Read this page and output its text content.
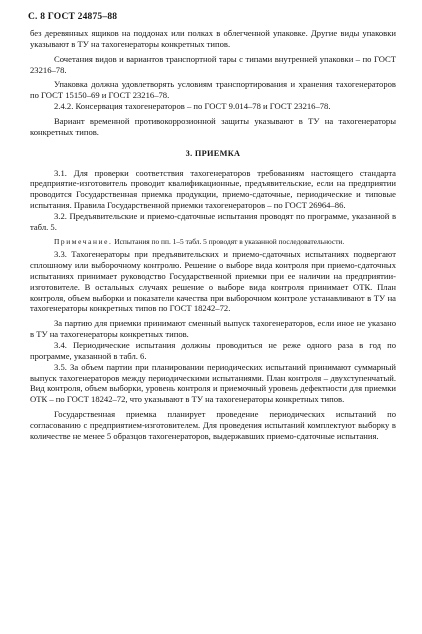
С. 8 ГОСТ 24875–88

без деревянных ящиков на поддонах или полках в облегченной упаковке. Другие виды упаковки указывают в ТУ на тахогенераторы конкретных типов.

Сочетания видов и вариантов транспортной тары с типами внутренней упаковки – по ГОСТ 23216–78.

Упаковка должна удовлетворять условиям транспортирования и хранения тахогенераторов по ГОСТ 15150–69 и ГОСТ 23216–78.

2.4.2. Консервация тахогенераторов – по ГОСТ 9.014–78 и ГОСТ 23216–78.

Вариант временной противокоррозионной защиты указывают в ТУ на тахогенераторы конкретных типов.

3. ПРИЕМКА

3.1. Для проверки соответствия тахогенераторов требованиям настоящего стандарта предприятие-изготовитель проводит квалификационные, предъявительские, если на предприятии проводится Государственная приемка продукции, приемо-сдаточные, периодические и типовые испытания. Правила Государственной приемки тахогенераторов – по ГОСТ 26964–86.

3.2. Предъявительские и приемо-сдаточные испытания проводят по программе, указанной в табл. 5.

Примечание. Испытания по пп. 1–5 табл. 5 проводят в указанной последовательности.

3.3. Тахогенераторы при предъявительских и приемо-сдаточных испытаниях подвергают сплошному или выборочному контролю. Решение о выборе вида контроля при приемо-сдаточных испытаниях принимает руководство Государственной приемки при ее наличии на предприятии-изготовителе. В остальных случаях решение о выборе вида контроля принимает ОТК. План контроля, объем выборки и показатели качества при выборочном контроле устанавливают в ТУ на тахогенераторы конкретных типов по ГОСТ 18242–72.

За партию для приемки принимают сменный выпуск тахогенераторов, если иное не указано в ТУ на тахогенераторы конкретных типов.

3.4. Периодические испытания должны проводиться не реже одного раза в год по программе, указанной в табл. 6.

3.5. За объем партии при планировании периодических испытаний принимают суммарный выпуск тахогенераторов между периодическими испытаниями. План контроля – двухступенчатый. Вид контроля, объем выборки, уровень контроля и приемочный уровень дефектности для приемки ОТК – по ГОСТ 18242–72, что указывают в ТУ на тахогенераторы конкретных типов.

Государственная приемка планирует проведение периодических испытаний по согласованию с предприятием-изготовителем. Для проведения испытаний комплектуют выборку в количестве не менее 5 образцов тахогенераторов, выдержавших приемо-сдаточные испытания.
